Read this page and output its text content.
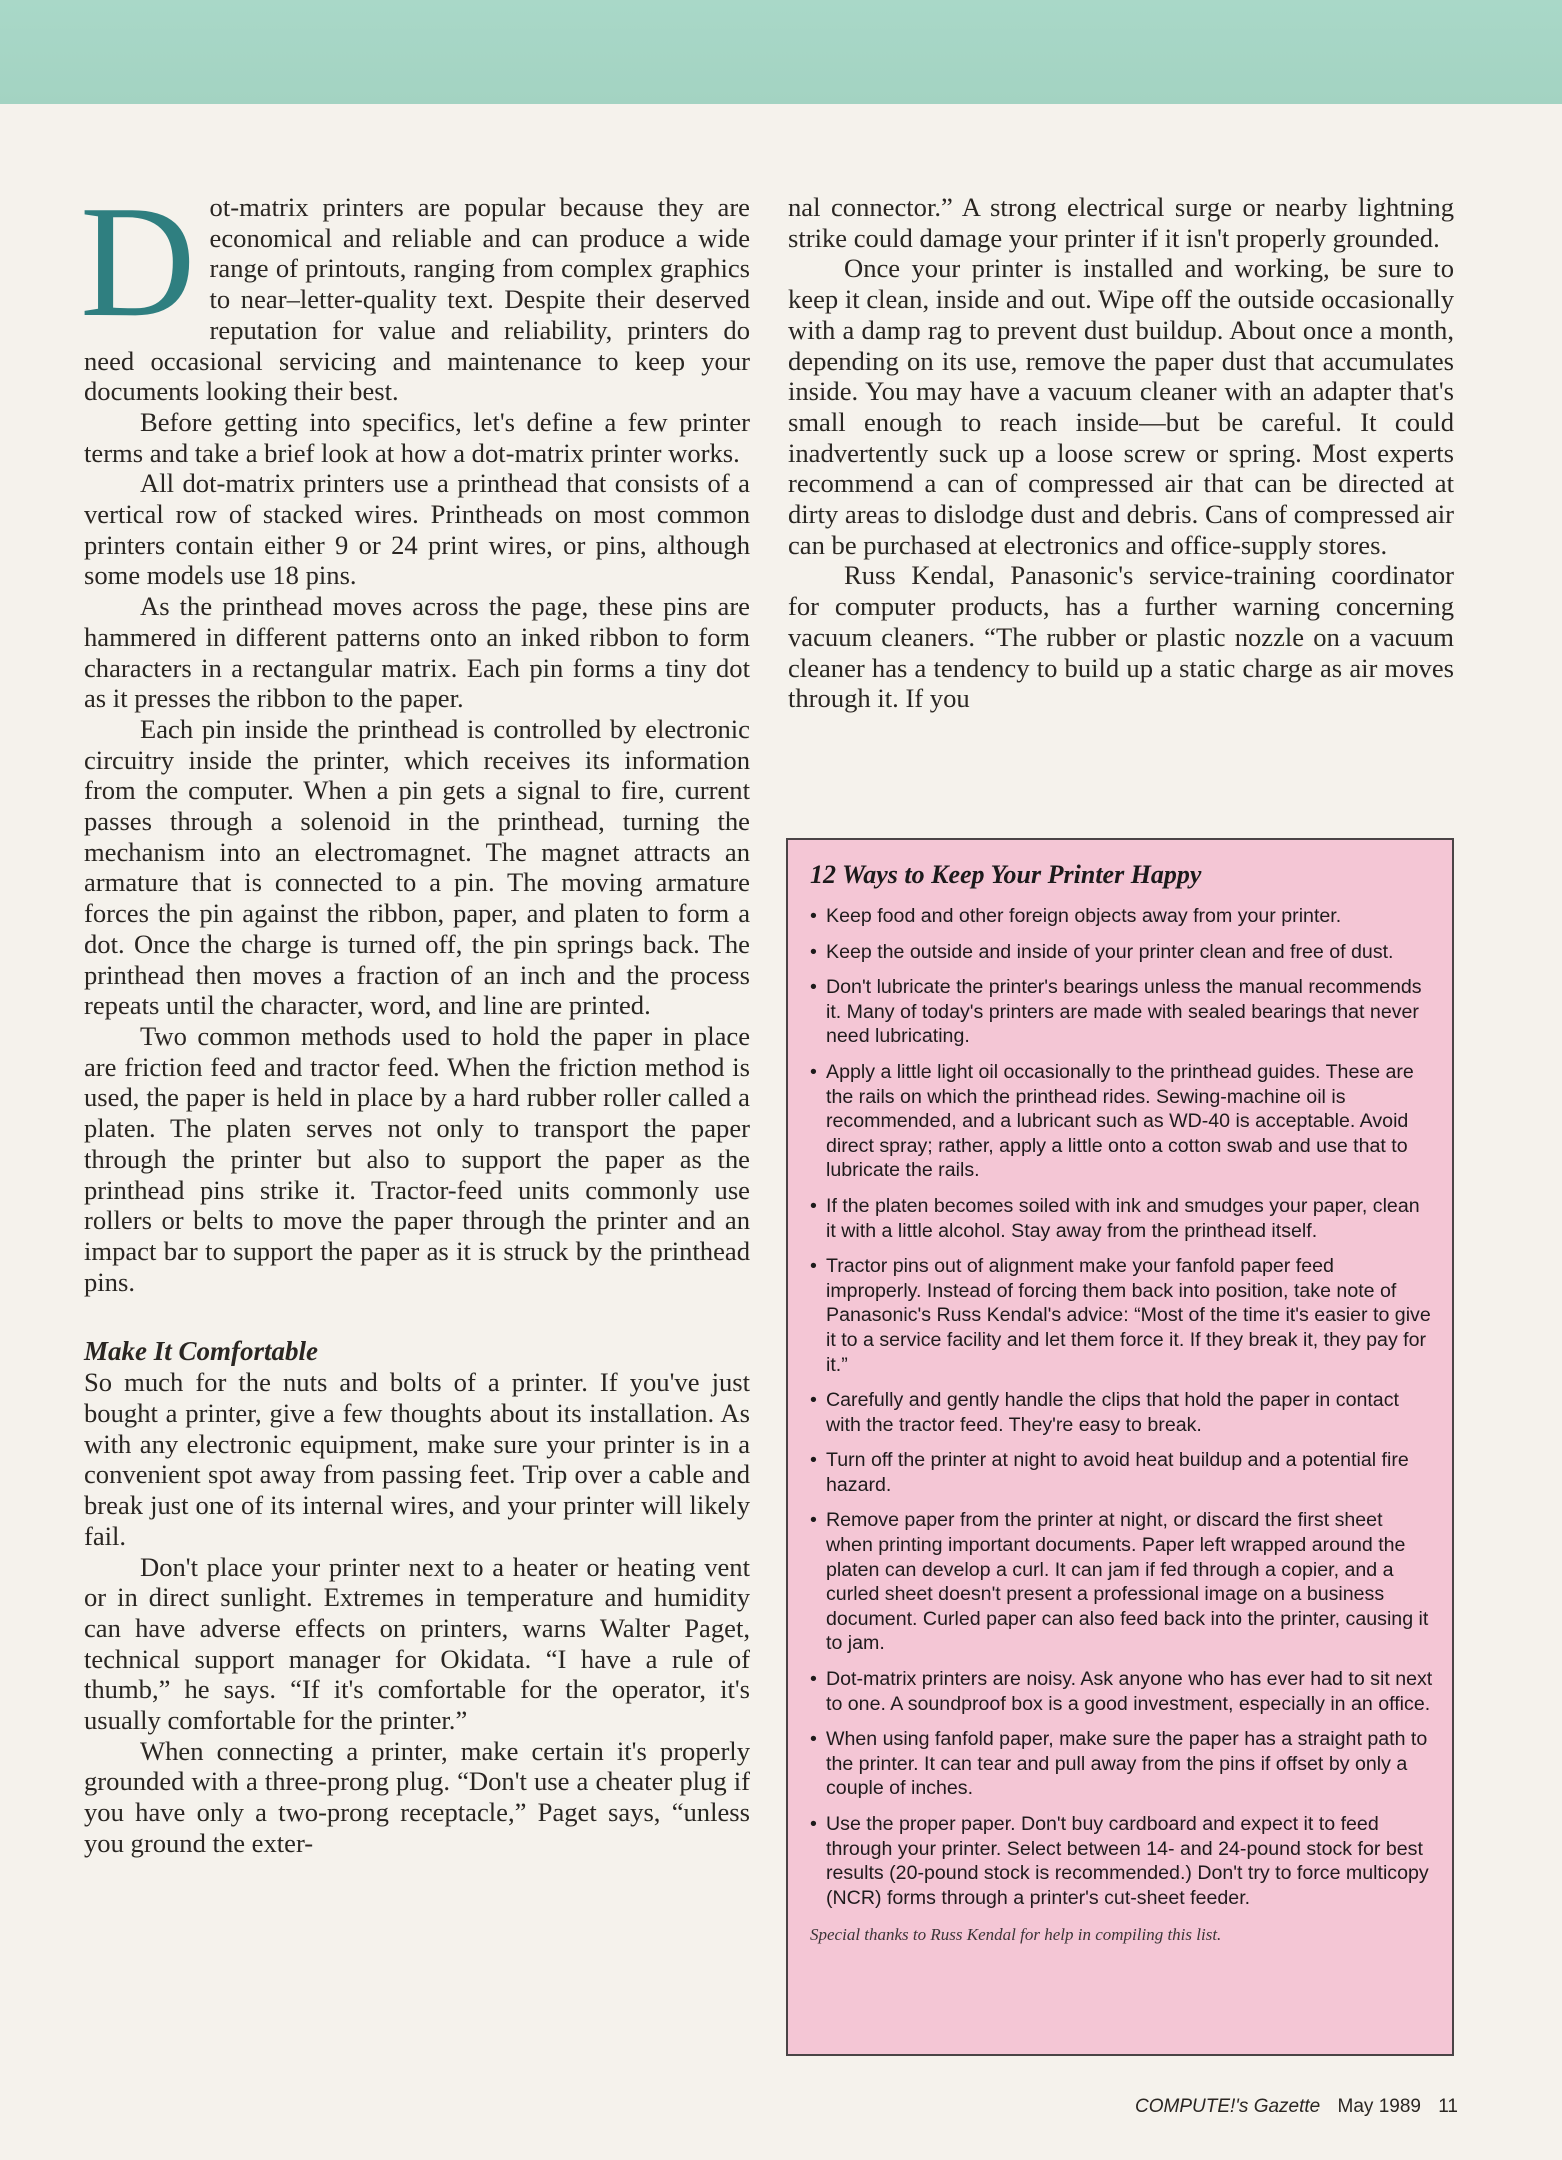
Dot-matrix printers are popular because they are economical and reliable and can produce a wide range of printouts, ranging from complex graphics to near–letter-quality text. Despite their deserved reputation for value and reliability, printers do need occasional servicing and maintenance to keep your documents looking their best.

Before getting into specifics, let's define a few printer terms and take a brief look at how a dot-matrix printer works.

All dot-matrix printers use a printhead that consists of a vertical row of stacked wires. Printheads on most common printers contain either 9 or 24 print wires, or pins, although some models use 18 pins.

As the printhead moves across the page, these pins are hammered in different patterns onto an inked ribbon to form characters in a rectangular matrix. Each pin forms a tiny dot as it presses the ribbon to the paper.

Each pin inside the printhead is controlled by electronic circuitry inside the printer, which receives its information from the computer. When a pin gets a signal to fire, current passes through a solenoid in the printhead, turning the mechanism into an electromagnet. The magnet attracts an armature that is connected to a pin. The moving armature forces the pin against the ribbon, paper, and platen to form a dot. Once the charge is turned off, the pin springs back. The printhead then moves a fraction of an inch and the process repeats until the character, word, and line are printed.

Two common methods used to hold the paper in place are friction feed and tractor feed. When the friction method is used, the paper is held in place by a hard rubber roller called a platen. The platen serves not only to transport the paper through the printer but also to support the paper as the printhead pins strike it. Tractor-feed units commonly use rollers or belts to move the paper through the printer and an impact bar to support the paper as it is struck by the printhead pins.

Make It Comfortable

So much for the nuts and bolts of a printer. If you've just bought a printer, give a few thoughts about its installation. As with any electronic equipment, make sure your printer is in a convenient spot away from passing feet. Trip over a cable and break just one of its internal wires, and your printer will likely fail.

Don't place your printer next to a heater or heating vent or in direct sunlight. Extremes in temperature and humidity can have adverse effects on printers, warns Walter Paget, technical support manager for Okidata. “I have a rule of thumb,” he says. “If it's comfortable for the operator, it's usually comfortable for the printer.”

When connecting a printer, make certain it's properly grounded with a three-prong plug. “Don't use a cheater plug if you have only a two-prong receptacle,” Paget says, “unless you ground the exter-

nal connector.” A strong electrical surge or nearby lightning strike could damage your printer if it isn't properly grounded.

Once your printer is installed and working, be sure to keep it clean, inside and out. Wipe off the outside occasionally with a damp rag to prevent dust buildup. About once a month, depending on its use, remove the paper dust that accumulates inside. You may have a vacuum cleaner with an adapter that's small enough to reach inside—but be careful. It could inadvertently suck up a loose screw or spring. Most experts recommend a can of compressed air that can be directed at dirty areas to dislodge dust and debris. Cans of compressed air can be purchased at electronics and office-supply stores.

Russ Kendal, Panasonic's service-training coordinator for computer products, has a further warning concerning vacuum cleaners. “The rubber or plastic nozzle on a vacuum cleaner has a tendency to build up a static charge as air moves through it. If you

12 Ways to Keep Your Printer Happy
• Keep food and other foreign objects away from your printer.
• Keep the outside and inside of your printer clean and free of dust.
• Don't lubricate the printer's bearings unless the manual recommends it. Many of today's printers are made with sealed bearings that never need lubricating.
• Apply a little light oil occasionally to the printhead guides. These are the rails on which the printhead rides. Sewing-machine oil is recommended, and a lubricant such as WD-40 is acceptable. Avoid direct spray; rather, apply a little onto a cotton swab and use that to lubricate the rails.
• If the platen becomes soiled with ink and smudges your paper, clean it with a little alcohol. Stay away from the printhead itself.
• Tractor pins out of alignment make your fanfold paper feed improperly. Instead of forcing them back into position, take note of Panasonic's Russ Kendal's advice: “Most of the time it's easier to give it to a service facility and let them force it. If they break it, they pay for it.”
• Carefully and gently handle the clips that hold the paper in contact with the tractor feed. They're easy to break.
• Turn off the printer at night to avoid heat buildup and a potential fire hazard.
• Remove paper from the printer at night, or discard the first sheet when printing important documents. Paper left wrapped around the platen can develop a curl. It can jam if fed through a copier, and a curled sheet doesn't present a professional image on a business document. Curled paper can also feed back into the printer, causing it to jam.
• Dot-matrix printers are noisy. Ask anyone who has ever had to sit next to one. A soundproof box is a good investment, especially in an office.
• When using fanfold paper, make sure the paper has a straight path to the printer. It can tear and pull away from the pins if offset by only a couple of inches.
• Use the proper paper. Don't buy cardboard and expect it to feed through your printer. Select between 14- and 24-pound stock for best results (20-pound stock is recommended.) Don't try to force multicopy (NCR) forms through a printer's cut-sheet feeder.
Special thanks to Russ Kendal for help in compiling this list.
COMPUTE!'s Gazette May 1989 11
